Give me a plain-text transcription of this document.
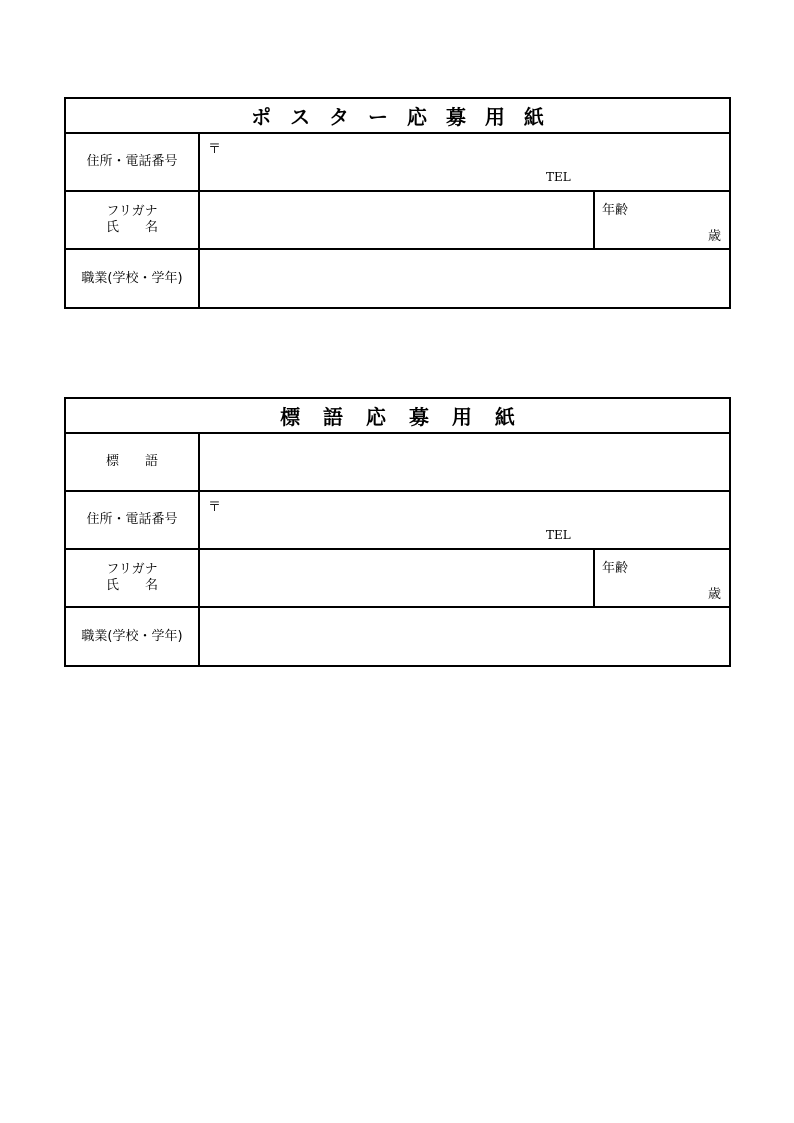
ポ ス タ ー 応 募 用 紙
住所・電話番号
〒
TEL
フリガナ
氏　　名
年齢
歳
職業(学校・学年)
標 語 応 募 用 紙
標　　語
住所・電話番号
〒
TEL
フリガナ
氏　　名
年齢
歳
職業(学校・学年)
